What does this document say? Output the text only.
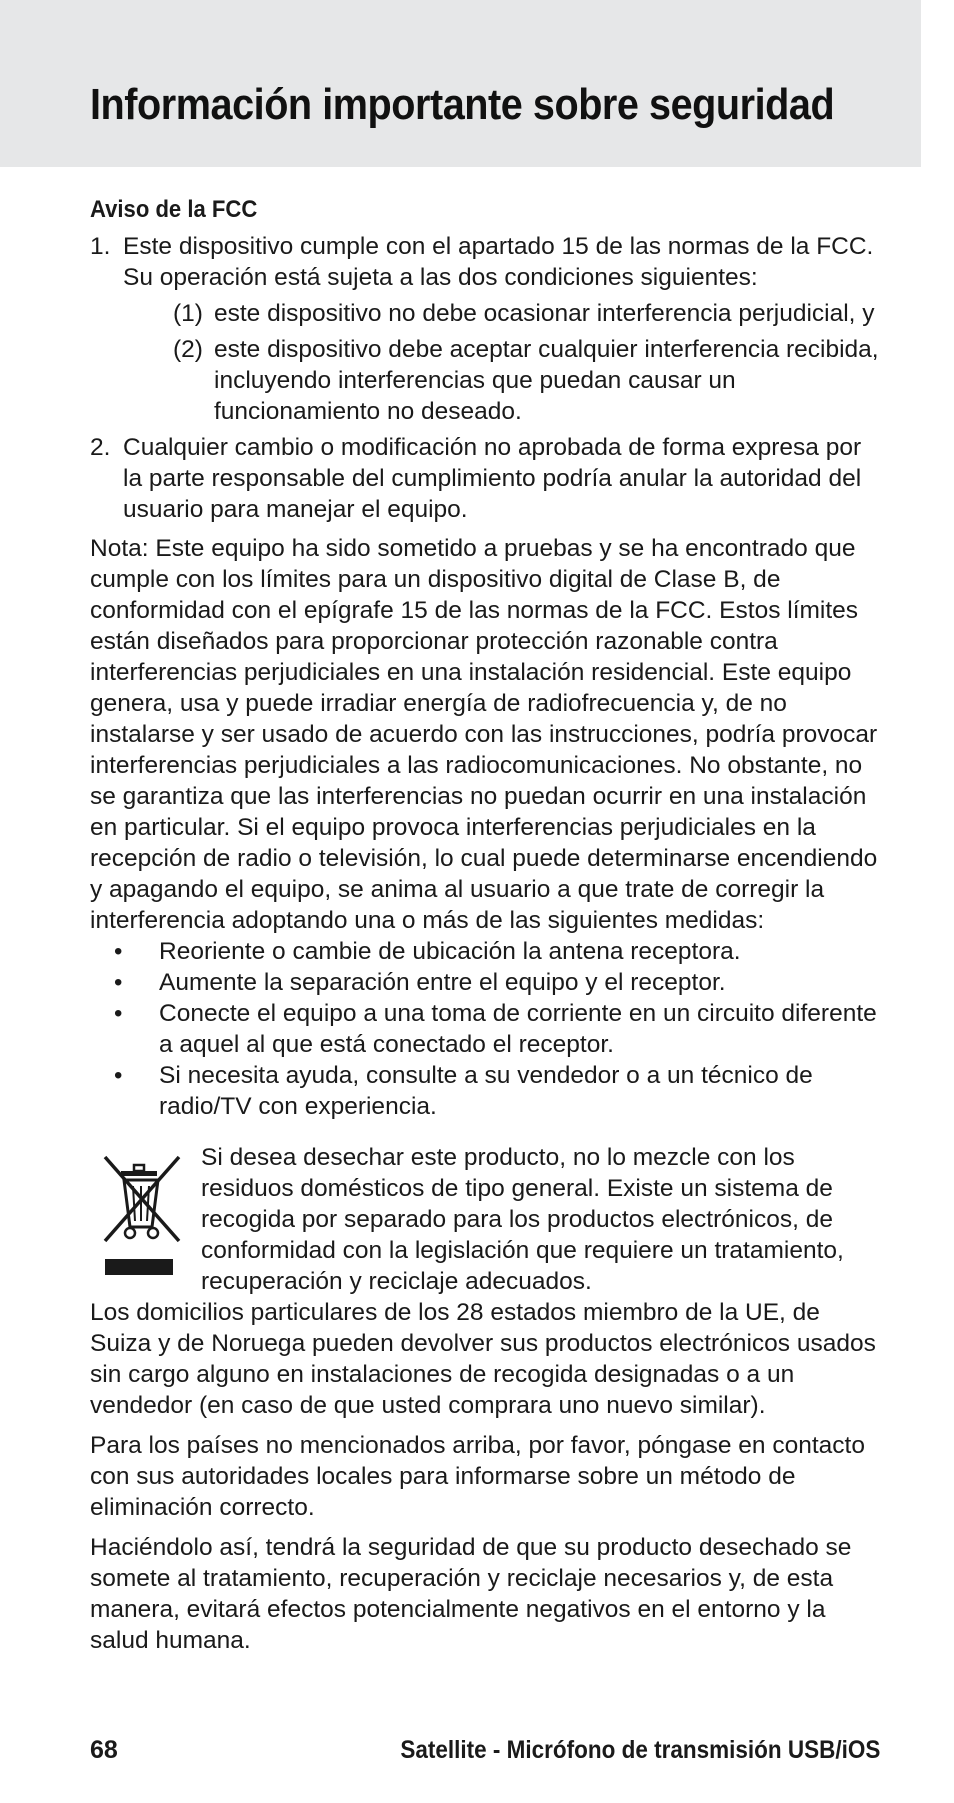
Información importante sobre seguridad
Aviso de la FCC
1. Este dispositivo cumple con el apartado 15 de las normas de la FCC. Su operación está sujeta a las dos condiciones siguientes:
(1) este dispositivo no debe ocasionar interferencia perjudicial, y
(2) este dispositivo debe aceptar cualquier interferencia recibida, incluyendo interferencias que puedan causar un funcionamiento no deseado.
2. Cualquier cambio o modificación no aprobada de forma expresa por la parte responsable del cumplimiento podría anular la autoridad del usuario para manejar el equipo.

Nota: Este equipo ha sido sometido a pruebas y se ha encontrado que cumple con los límites para un dispositivo digital de Clase B, de conformidad con el epígrafe 15 de las normas de la FCC. Estos límites están diseñados para proporcionar protección razonable contra interferencias perjudiciales en una instalación residencial. Este equipo genera, usa y puede irradiar energía de radiofrecuencia y, de no instalarse y ser usado de acuerdo con las instrucciones, podría provocar interferencias perjudiciales a las radiocomunicaciones. No obstante, no se garantiza que las interferencias no puedan ocurrir en una instalación en particular. Si el equipo provoca interferencias perjudiciales en la recepción de radio o televisión, lo cual puede determinarse encendiendo y apagando el equipo, se anima al usuario a que trate de corregir la interferencia adoptando una o más de las siguientes medidas:

• Reoriente o cambie de ubicación la antena receptora.
• Aumente la separación entre el equipo y el receptor.
• Conecte el equipo a una toma de corriente en un circuito diferente a aquel al que está conectado el receptor.
• Si necesita ayuda, consulte a su vendedor o a un técnico de radio/TV con experiencia.

Si desea desechar este producto, no lo mezcle con los residuos domésticos de tipo general. Existe un sistema de recogida por separado para los productos electrónicos, de conformidad con la legislación que requiere un tratamiento, recuperación y reciclaje adecuados.

Los domicilios particulares de los 28 estados miembro de la UE, de Suiza y de Noruega pueden devolver sus productos electrónicos usados sin cargo alguno en instalaciones de recogida designadas o a un vendedor (en caso de que usted comprara uno nuevo similar).

Para los países no mencionados arriba, por favor, póngase en contacto con sus autoridades locales para informarse sobre un método de eliminación correcto.

Haciéndolo así, tendrá la seguridad de que su producto desechado se somete al tratamiento, recuperación y reciclaje necesarios y, de esta manera, evitará efectos potencialmente negativos en el entorno y la salud humana.

68	Satellite - Micrófono de transmisión USB/iOS
